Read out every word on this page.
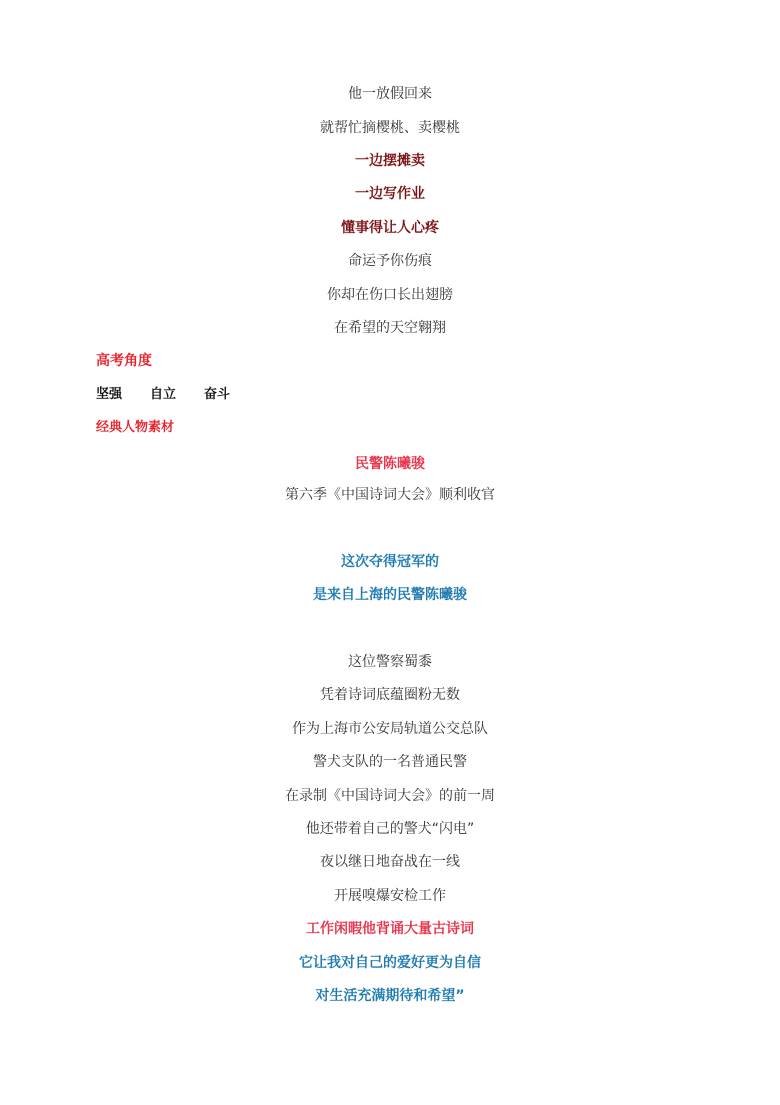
他一放假回来
就帮忙摘樱桃、卖樱桃
一边摆摊卖
一边写作业
懂事得让人心疼
命运予你伤痕
你却在伤口长出翅膀
在希望的天空翱翔
高考角度
坚强 自立 奋斗
经典人物素材
民警陈曦骏
第六季《中国诗词大会》顺利收官
这次夺得冠军的
是来自上海的民警陈曦骏
这位警察蜀黍
凭着诗词底蕴圈粉无数
作为上海市公安局轨道公交总队
警犬支队的一名普通民警
在录制《中国诗词大会》的前一周
他还带着自己的警犬“闪电”
夜以继日地奋战在一线
开展嗅爆安检工作
工作闲暇他背诵大量古诗词
它让我对自己的爱好更为自信
对生活充满期待和希望”
